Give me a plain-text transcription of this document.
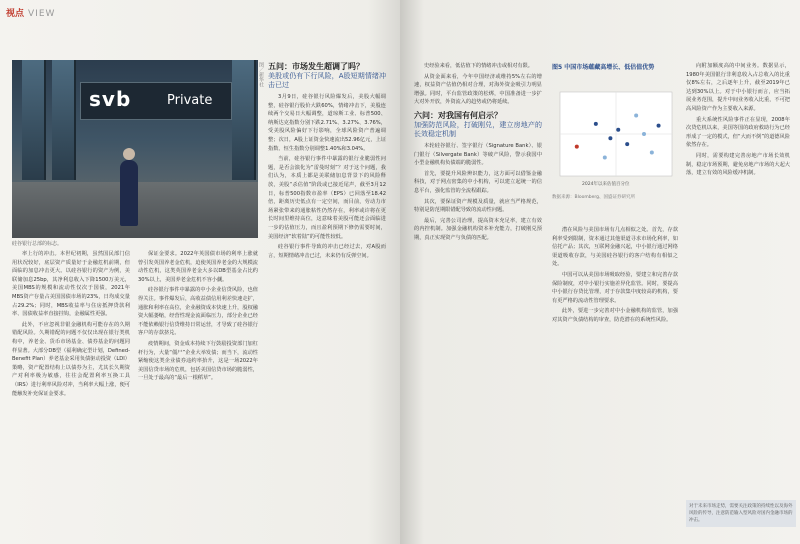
视点 VIEW
svb	Private
图／新华社
硅谷银行总部的标志。

率上行的冲击。本世纪初期，虽然国民部门信用状况较好，底层资产质量好于金融危机前期，但面临的加息冲击更大。以硅谷银行的资产为例，美联储加息25bp，其净利息收入下降1500万美元，美国MBS的规模和流动性仅次于国债，2021年MBS资产存量占美国国债市场的23%，日均成交量占29.2%；同时，MBS收益率与住房抵押贷款利率、国债收益率直接挂钩，金融属性更强。

此外，不应忽视非银金融机构可能存在的久期错配风险。久期错配的问题不仅仅出现在银行类机构中，养老金、货币市场基金、债券基金的问题同样显著。大部分DB型（福利确定型计划，Defined-Benefit Plan）养老基金采用负债驱动投资（LDI）策略，资产配置结构上以债券为主，尤其长久期资产对利率极为敏感，往往会配置利率互换工具（IRS）进行利率风险对冲，当利率大幅上涨，便可能触发补充保证金要求。

保证金要求。2022年英国债市场的利率上涨就曾引发英国养老金危机，迫使英国养老金的大规模流动性危机，这类英国养老金大多以DB型基金占比约30%以上，美国养老金危机不容小觑。

硅谷银行事件中暴露的中小企业信贷风险，也值得关注。事件爆发后，高收益债信用利差快速走扩，通胀和利率在高位，企业融资成本快速上升，股权融资大幅萎缩，经营性现金流面临压力，部分企业已经不能依赖银行信贷维持日常运营，才导致了硅谷银行客户的存款挤兑。

疫情期间，资金成本持续下行鼓励投资部门加杠杆行为，大量“僵尸”企业大举发债；而当下，流动性紧缩使这类企业债券违约率抬升，这是一场2022年美国信贷市场的危机，包括美国信贷市场的脆弱性，一旦处于最高的“最后一根稻草”。

五问：市场发生超调了吗？
美股或仍有下行风险，A股短期情绪冲击已过

3月9日，硅谷银行风险爆发后，美股大幅调整，硅谷银行股价大跌60%，情绪冲击下，美股连续两个交易日大幅调整，道琼斯工业、标普500、纳斯达克指数分别下跌2.71%、3.27%、3.76%，受美股风险偏好下行影响，全球风险资产普遍调整；次日，A股上证资金快速流出52.96亿元，上证指数、恒生指数分别调整1.40%和3.04%。

当前，硅谷银行事件中暴露的银行业脆弱性问题，是否会演化为“雷曼时刻”？对于这个问题，我们认为，本质上都是美联储加息背景下的风险释放，美股“杀估值”阶段或已接近尾声，截至3月12日，标普500指数市盈率（EPS）已回落至18.42倍，距离历史低点有一定空间，而目前，劳动力市场紧张带来的通胀粘性仍然存在，利率或许将在更长时间里维持高位，这意味着美股可能还会面临进一步的估值压力，而且盈利预期下修仍需要时间，美国经济“软着陆”的可能性较低。

硅谷银行事件导致的冲击已经过去，对A股而言，短期情绪冲击已过，未来仍有反弹空间。

史经验来看，低估值下的情绪冲击或相对有限。

从资金面来看，今年中国经济或维持5%左右的增速，权益资产估值仍相对合理，对海外资金吸引力明显增强。同时，平台监管政策的松绑，中国准备进一步扩大对外开放，外资流入的趋势或仍将延续。

六问：对我国有何启示？
加强防范风险，打破刚兑，建立房地产的长效稳定机制

本轮硅谷银行、签字银行（Signature Bank）、银门银行（Silvergate Bank）等破产风险，警示我国中小型金融机构负债端的脆弱性。

首先，要提升风险辨识能力，这方面可以借鉴金融科技，对于网点密集的中小机构，可以建立起统一的信息平台，强化监管的全流程跟踪。

其次，要保证资产规模及质量，就应当严格规范，特别是防范期限错配导致的流动性问题。

最后，完善公司治理，提高资本充足率，建立有效的内控机制。加强金融机构资本补充能力，打破刚兑预期，真正实现资产与负债的匹配。

图5 中国市场蕴藏高增长、低估值优势
2024年以来估值百分位
数据来源：Bloomberg、国盛证券研究所

潜在风险与美国市场有几点相似之处。首先，存款利率受到限制，资本通过其他渠道寻求市场化利率，如信托产品；其次，互联网金融兴起，中小银行通过网络渠道吸收存款，与美国硅谷银行的客户结构有相似之处。

中国可以从美国市场吸取经验，要建立和完善存款保险制度，对中小银行实施差异化监管。同时，要提高中小银行存贷比管理，对于存款集中度较高的机构，要有更严格的流动性管理要求。

此外，要进一步完善对中小金融机构的监管，加强对其资产负债结构的审查，防范潜在的系统性风险。

向附加额度高的中间业务。数据显示，1980年美国银行非利息收入占总收入的比重仅8%左右，之后逐年上升，截至2019年已达到30%以上。对于中小银行而言，应当拓展业务范围，提升中间业务收入比重，不可把高风险资产作为主要收入来源。

重大系统性风险事件正在显现，2008年次贷危机以来，美国等国的政府救助行为已经形成了一定的模式，但“大而不倒”的道德风险依然存在。

同时，需要构建完善房地产市场长效机制，稳定市场预期，避免房地产市场的大起大落，建立有效的风险缓冲机制。

对于未来市场走势，需要关注政策的持续性以及海外风险的传导，注意防范输入型风险对国内金融市场的冲击。
